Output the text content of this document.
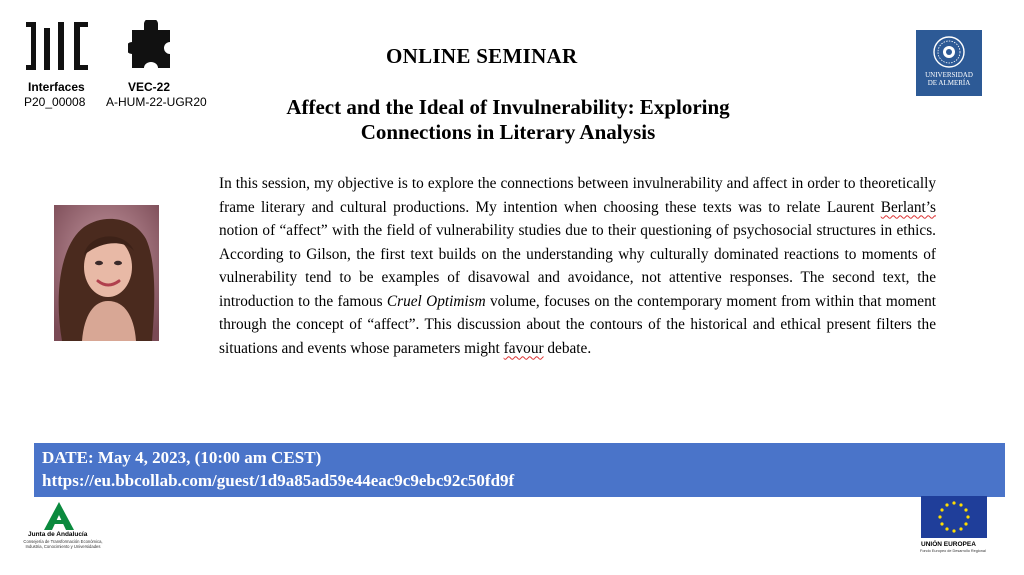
Interfaces
P20_00008
VEC-22
A-HUM-22-UGR20
ONLINE SEMINAR
Affect and the Ideal of Invulnerability: Exploring
Connections in Literary Analysis
UNIVERSIDAD
DE ALMERÍA
In this session, my objective is to explore the connections between invulnerability and affect in order to theoretically frame literary and cultural productions. My intention when choosing these texts was to relate Laurent Berlant’s notion of “affect” with the field of vulnerability studies due to their questioning of psychosocial structures in ethics. According to Gilson, the first text builds on the understanding why culturally dominated reactions to moments of vulnerability tend to be examples of disavowal and avoidance, not attentive responses. The second text, the introduction to the famous Cruel Optimism volume, focuses on the contemporary moment from within that moment through the concept of “affect”. This discussion about the contours of the historical and ethical present filters the situations and events whose parameters might favour debate.
DATE: May 4, 2023, (10:00 am CEST)
https://eu.bbcollab.com/guest/1d9a85ad59e44eac9c9ebc92c50fd9f
Junta de Andalucía
Consejería de Transformación Económica,
Industria, Conocimiento y Universidades	UNIÓN EUROPEA
Fondo Europeo de Desarrollo Regional
